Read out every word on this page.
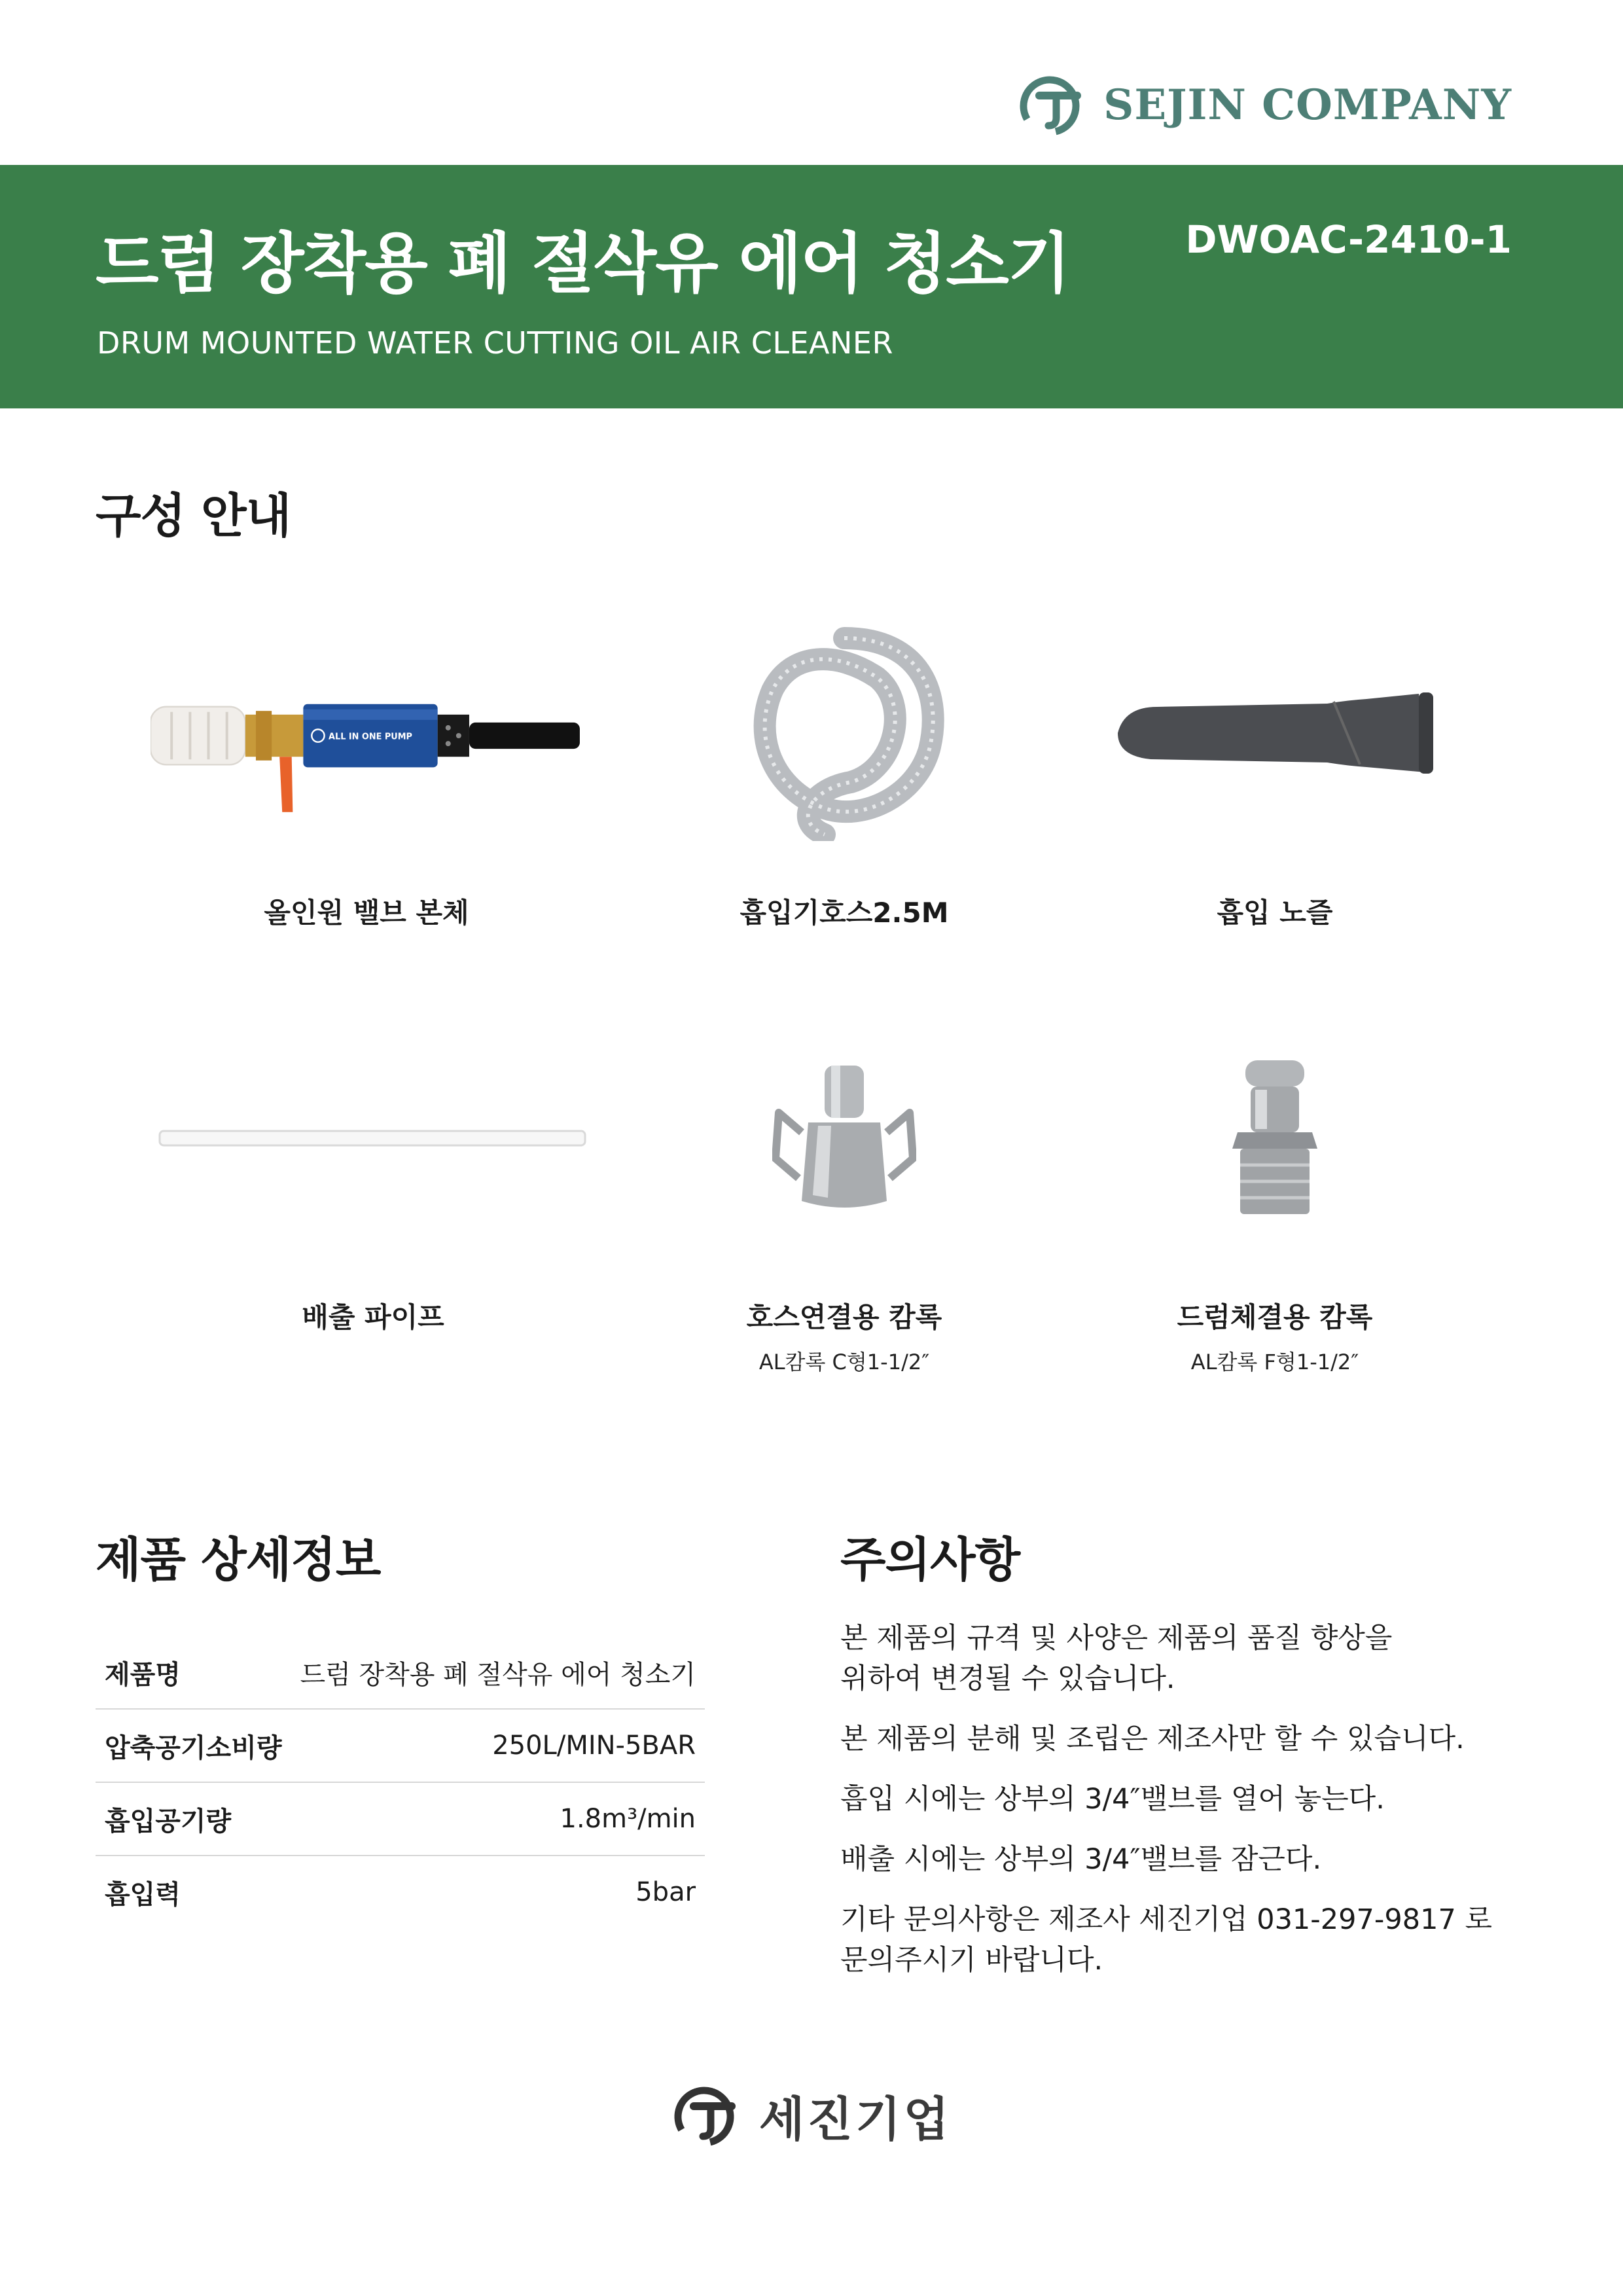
SEJIN COMPANY
드럼 장착용 폐 절삭유 에어 청소기	DWOAC-2410-1
DRUM MOUNTED WATER CUTTING OIL AIR CLEANER
구성 안내
ALL IN ONE PUMP
올인원 밸브 본체	흡입기호스2.5M	흡입 노즐
배출 파이프	호스연결용 캄록
AL캄록 C형1-1/2″
드럼체결용 캄록
AL캄록 F형1-1/2″
제품 상세정보
제품명	드럼 장착용 폐 절삭유 에어 청소기
압축공기소비량	250L/MIN-5BAR
흡입공기량	1.8m³/min
흡입력	5bar
주의사항

본 제품의 규격 및 사양은 제품의 품질 향상을
위하여 변경될 수 있습니다.

본 제품의 분해 및 조립은 제조사만 할 수 있습니다.

흡입 시에는 상부의 3/4″밸브를 열어 놓는다.

배출 시에는 상부의 3/4″밸브를 잠근다.

기타 문의사항은 제조사 세진기업 031-297-9817 로
문의주시기 바랍니다.

세진기업
